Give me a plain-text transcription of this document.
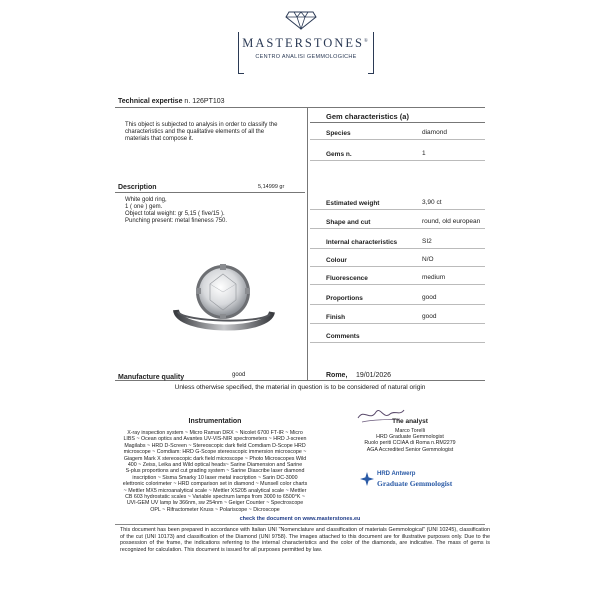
MASTERSTONES®
CENTRO ANALISI GEMMOLOGICHE
Technical expertise n. 126PT103
This object is subjected to analysis in order to classify the
characteristics and the qualitative elements of all the
materials that compose it.
Description	5,14999 gr
White gold ring,
1 ( one ) gem.
Object total weight: gr 5,15 ( five/15 ).
Punching present: metal fineness 750.
Manufacture quality	good
Gem characteristics (a)
Species	diamond
Gems n.	1
Estimated weight	3,90 ct
Shape and cut	round, old european
Internal characteristics	SI2
Colour	N/O
Fluorescence	medium
Proportions	good
Finish	good
Comments
Rome, 19/01/2026
Unless otherwise specified, the material in question is to be considered of natural origin
Instrumentation
X-ray inspection system ~ Micro Raman DRX ~ Nicolet 6700 FT-IR ~ Micro
LIBS ~ Ocean optics and Avantes UV-VIS-NIR spectrometers ~ HRD J-screen
Magilabs ~ HRD D-Screen ~ Stereoscopic dark field Comdiam D-Scope HRD
microscope ~ Comdiam: HRD G-Scope stereoscopic immersion microscope ~
Giagem Mark X stereoscopic dark field microscope ~ Photo Microscopes Wild
400 ~ Zeiss, Leika and Wild optical heads~ Sarine Diamension and Sarine
S-plus proportions and cut grading system ~ Sarine Diascribe laser diamond
inscription ~ Sisma Smarky 10 laser metal inscription ~ Sarin DC-3000
elettronic colorimeter ~ HRD comparison set in diamond ~ Munsell color charts
~ Mettler MX5 microanalytical scale ~ Mettler XS205 analytical scale ~ Mettler
CB 603 hydrostatic scales ~ Variable spectrum lamps from 3000 to 6500°K ~
UVI-GEM UV lamp lw 366nm, sw 254nm ~ Geiger Counter ~ Spectroscope
OPL ~ Rifractometer Kruss ~ Polariscope ~ Dicroscope
The analyst
Marco Torelli
HRD Graduate Gemmologist
Ruolo periti CCIAA di Roma n.RM2279
AGA Accredited Senior Gemmologist
HRD Antwerp
Graduate Gemmologist
check the document on www.masterstones.eu
This document has been prepared in accordance with Italian UNI "Nomenclature and classification of materials Gemmological" (UNI 10245), classification of the cut (UNI 10173) and classification of the Diamond (UNI 9758). The images attached to this document are for illustrative purposes only. Due to the possession of the frame, the indications referring to the internal characteristics and the color of the diamonds, are indicative. The mass of gems is recognized for calculation. This document is issued for all purposes permitted by law.
